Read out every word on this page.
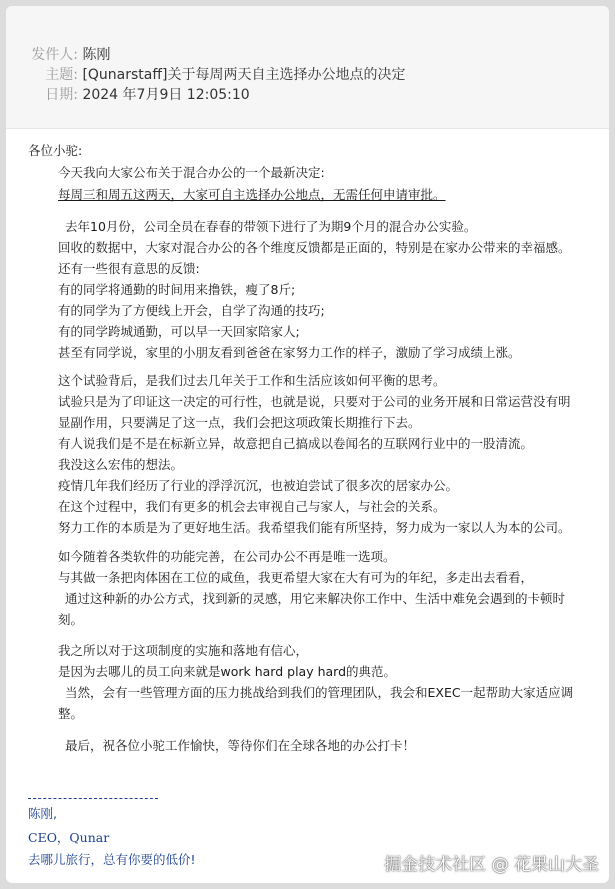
发件人: 陈刚
主题: [Qunarstaff]关于每周两天自主选择办公地点的决定
日期: 2024 年7月9日 12:05:10
各位小驼:
今天我向大家公布关于混合办公的一个最新决定:
每周三和周五这两天，大家可自主选择办公地点，无需任何申请审批。
去年10月份，公司全员在春春的带领下进行了为期9个月的混合办公实验。
回收的数据中，大家对混合办公的各个维度反馈都是正面的，特别是在家办公带来的幸福感。
还有一些很有意思的反馈:
有的同学将通勤的时间用来撸铁，瘦了8斤;
有的同学为了方便线上开会，自学了沟通的技巧;
有的同学跨城通勤，可以早一天回家陪家人;
甚至有同学说，家里的小朋友看到爸爸在家努力工作的样子，激励了学习成绩上涨。
这个试验背后，是我们过去几年关于工作和生活应该如何平衡的思考。
试验只是为了印证这一决定的可行性，也就是说，只要对于公司的业务开展和日常运营没有明
显副作用，只要满足了这一点，我们会把这项政策长期推行下去。
有人说我们是不是在标新立异，故意把自己搞成以卷闻名的互联网行业中的一股清流。
我没这么宏伟的想法。
疫情几年我们经历了行业的浮浮沉沉，也被迫尝试了很多次的居家办公。
在这个过程中，我们有更多的机会去审视自己与家人，与社会的关系。
努力工作的本质是为了更好地生活。我希望我们能有所坚持，努力成为一家以人为本的公司。
如今随着各类软件的功能完善，在公司办公不再是唯一选项。
与其做一条把肉体困在工位的咸鱼，我更希望大家在大有可为的年纪，多走出去看看，
通过这种新的办公方式，找到新的灵感，用它来解决你工作中、生活中难免会遇到的卡顿时
刻。
我之所以对于这项制度的实施和落地有信心，
是因为去哪儿的员工向来就是work hard play hard的典范。
当然，会有一些管理方面的压力挑战给到我们的管理团队，我会和EXEC一起帮助大家适应调
整。
最后，祝各位小驼工作愉快，等待你们在全球各地的办公打卡！
陈刚,
CEO，Qunar
去哪儿旅行，总有你要的低价!	掘金技术社区 @ 花果山大圣
